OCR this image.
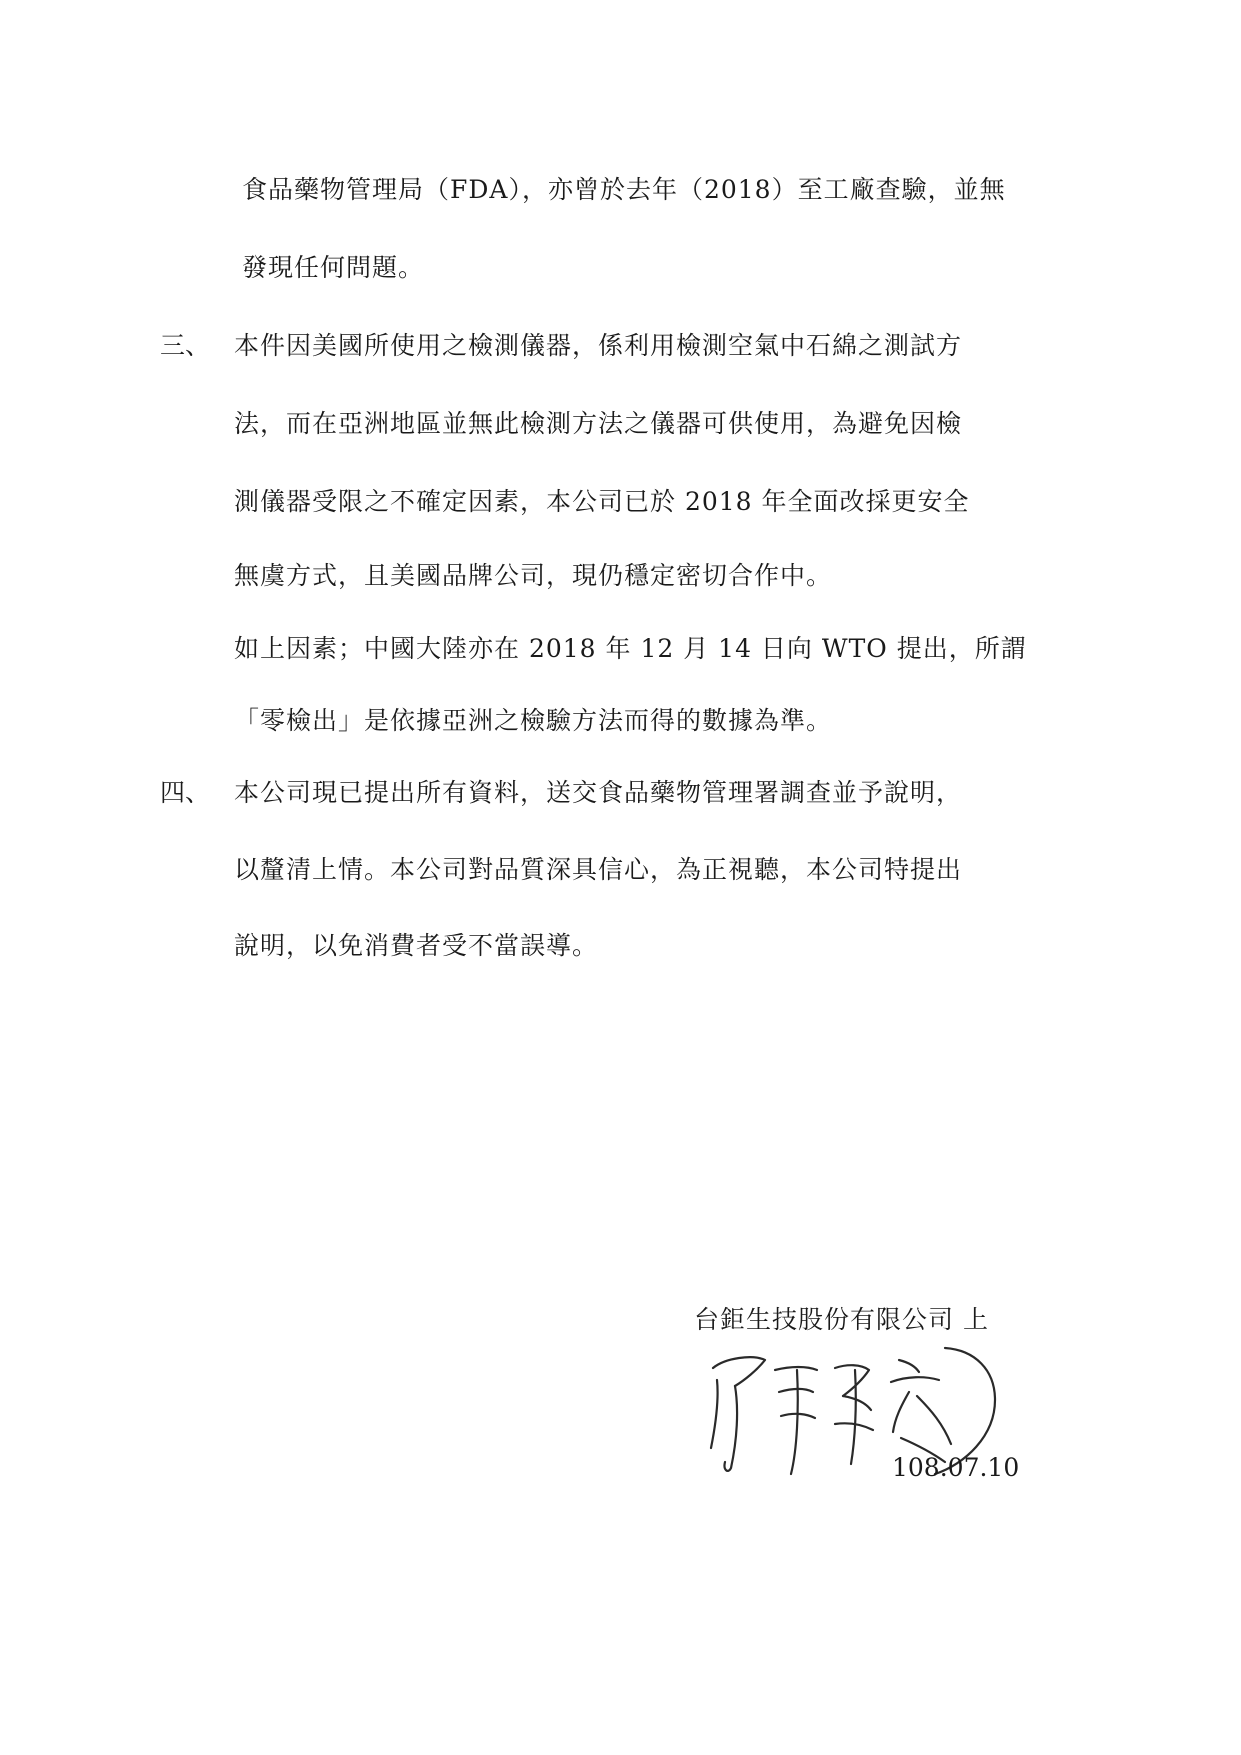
食品藥物管理局（FDA），亦曾於去年（2018）至工廠查驗，並無
發現任何問題。
三、 本件因美國所使用之檢測儀器，係利用檢測空氣中石綿之測試方
法，而在亞洲地區並無此檢測方法之儀器可供使用，為避免因檢
測儀器受限之不確定因素，本公司已於 2018 年全面改採更安全
無虞方式，且美國品牌公司，現仍穩定密切合作中。
如上因素；中國大陸亦在 2018 年 12 月 14 日向 WTO 提出，所謂
「零檢出」是依據亞洲之檢驗方法而得的數據為準。
四、 本公司現已提出所有資料，送交食品藥物管理署調查並予說明，
以釐清上情。本公司對品質深具信心，為正視聽，本公司特提出
說明，以免消費者受不當誤導。
台鉅生技股份有限公司 上
108.07.10
